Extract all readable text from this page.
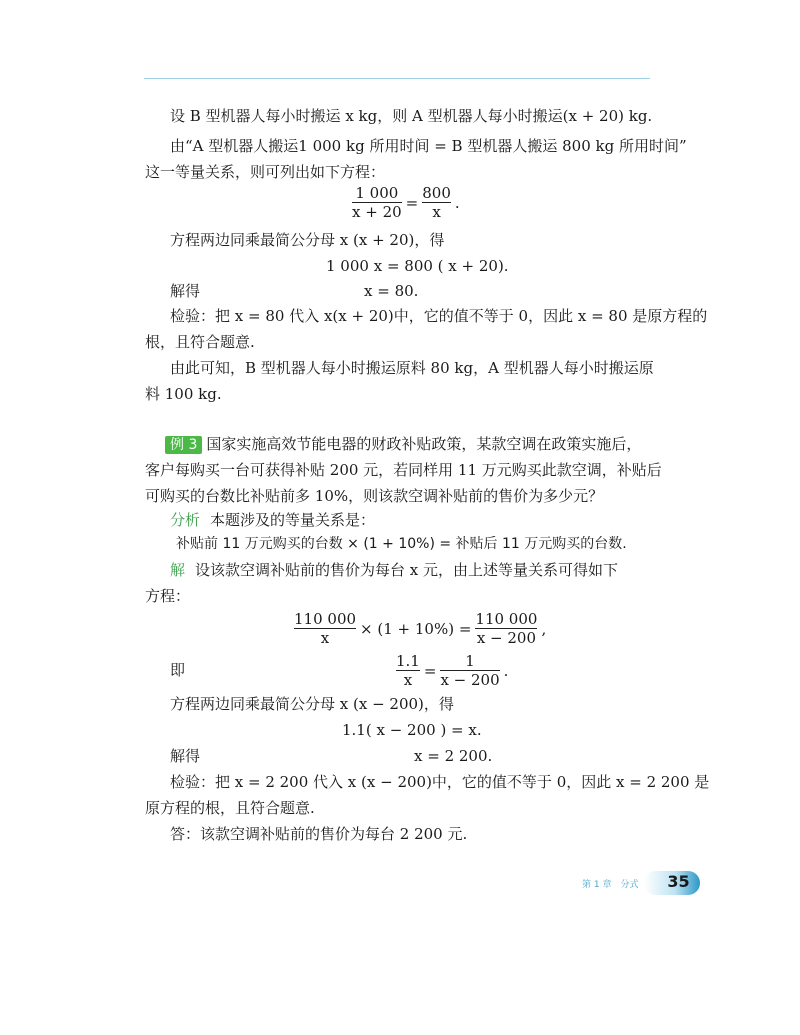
设 B 型机器人每小时搬运 x kg，则 A 型机器人每小时搬运(x + 20) kg.
由“A 型机器人搬运1 000 kg 所用时间 = B 型机器人搬运 800 kg 所用时间”
这一等量关系，则可列出如下方程：
$\frac{1 000}{x + 20} = \frac{800}{x}$ .
方程两边同乘最简公分母 x (x + 20)，得
1 000 x = 800 ( x + 20).
解得	x = 80.
检验：把 x = 80 代入 x(x + 20)中，它的值不等于 0，因此 x = 80 是原方程的
根，且符合题意.
由此可知，B 型机器人每小时搬运原料 80 kg，A 型机器人每小时搬运原
料 100 kg.
例 3 国家实施高效节能电器的财政补贴政策，某款空调在政策实施后，
客户每购买一台可获得补贴 200 元，若同样用 11 万元购买此款空调，补贴后
可购买的台数比补贴前多 10%，则该款空调补贴前的售价为多少元？
分析 本题涉及的等量关系是：
补贴前 11 万元购买的台数 × (1 + 10%) = 补贴后 11 万元购买的台数.
解 设该款空调补贴前的售价为每台 x 元，由上述等量关系可得如下
方程：
$\frac{110 000}{x} \times (1 + 10\%) = \frac{110 000}{x - 200}$ ,
即	$\frac{1.1}{x} = \frac{1}{x - 200}$ .
方程两边同乘最简公分母 x (x − 200)，得
1.1( x − 200 ) = x.
解得	x = 2 200.
检验：把 x = 2 200 代入 x (x − 200)中，它的值不等于 0，因此 x = 2 200 是
原方程的根，且符合题意.
答：该款空调补贴前的售价为每台 2 200 元.
第 1 章　分式	35
